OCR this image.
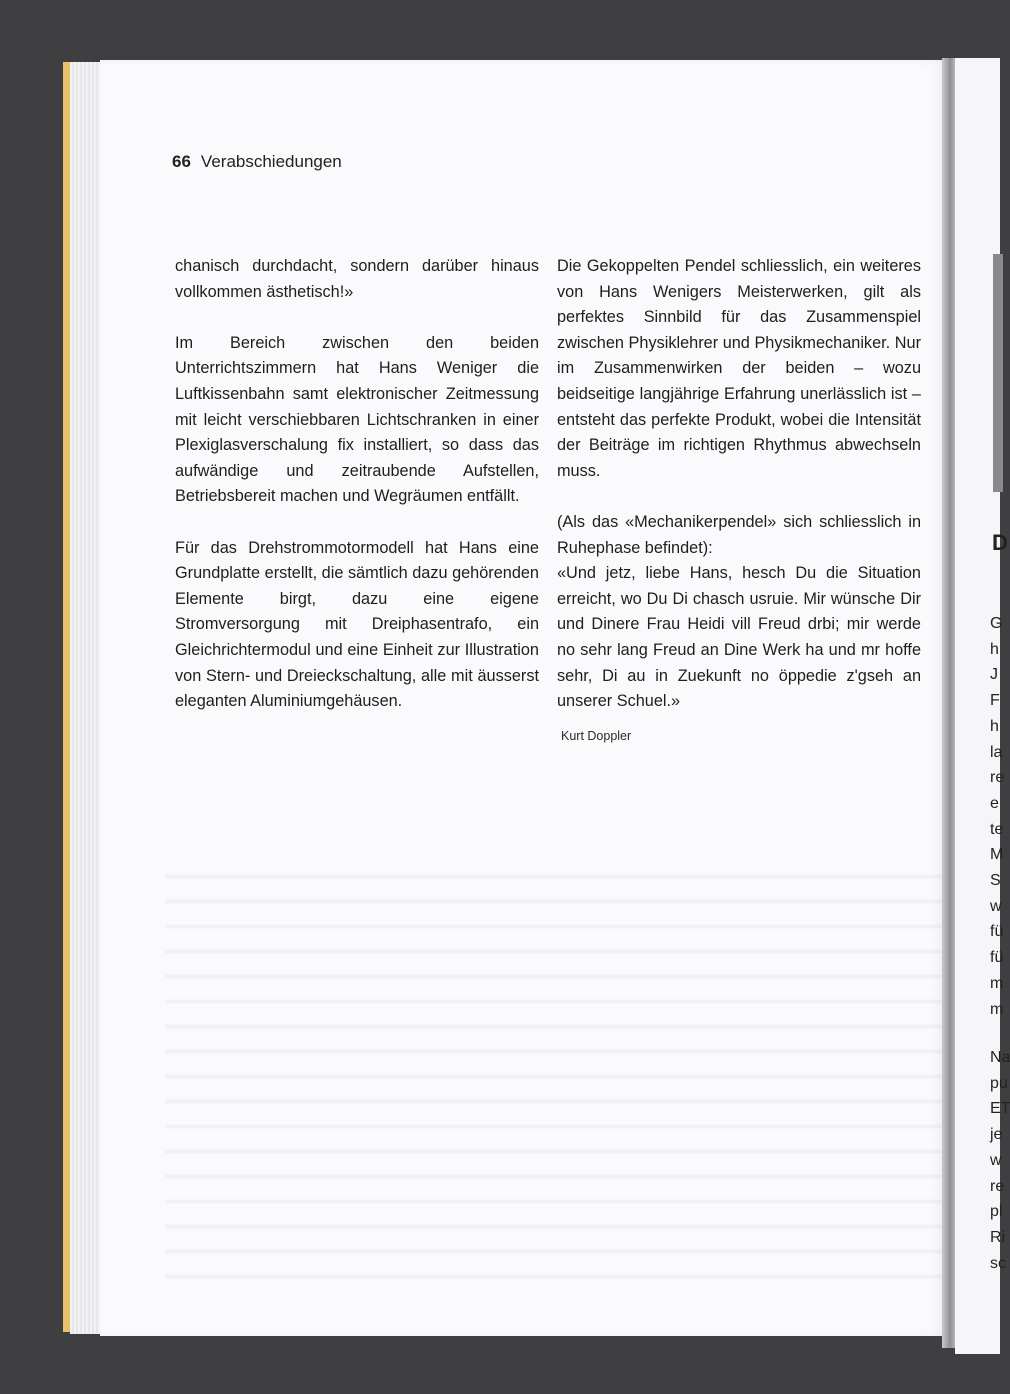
66 Verabschiedungen

chanisch durchdacht, sondern darüber hinaus vollkommen ästhetisch!»

Im Bereich zwischen den beiden Unterrichtszimmern hat Hans Weniger die Luftkissenbahn samt elektronischer Zeitmessung mit leicht verschiebbaren Lichtschranken in einer Plexiglasverschalung fix installiert, so dass das aufwändige und zeitraubende Aufstellen, Betriebsbereit machen und Wegräumen entfällt.

Für das Drehstrommotormodell hat Hans eine Grundplatte erstellt, die sämtlich dazu gehörenden Elemente birgt, dazu eine eigene Stromversorgung mit Dreiphasentrafo, ein Gleichrichtermodul und eine Einheit zur Illustration von Stern- und Dreieckschaltung, alle mit äusserst eleganten Aluminiumgehäusen.

Die Gekoppelten Pendel schliesslich, ein weiteres von Hans Wenigers Meisterwerken, gilt als perfektes Sinnbild für das Zusammenspiel zwischen Physiklehrer und Physikmechaniker. Nur im Zusammenwirken der beiden – wozu beidseitige langjährige Erfahrung unerlässlich ist – entsteht das perfekte Produkt, wobei die Intensität der Beiträge im richtigen Rhythmus abwechseln muss.

(Als das «Mechanikerpendel» sich schliesslich in Ruhephase befindet):

«Und jetz, liebe Hans, hesch Du die Situation erreicht, wo Du Di chasch usruie. Mir wünsche Dir und Dinere Frau Heidi vill Freud drbi; mir werde no sehr lang Freud an Dine Werk ha und mr hoffe sehr, Di au in Zuekunft no öppedie z'gseh an unserer Schuel.»

Kurt Doppler
D
G
h
J
F
h
la
re
e
te
M
S
w
fü
fü
m
m
Na
pu
ET
je
w
re
pl
Ri
sc
